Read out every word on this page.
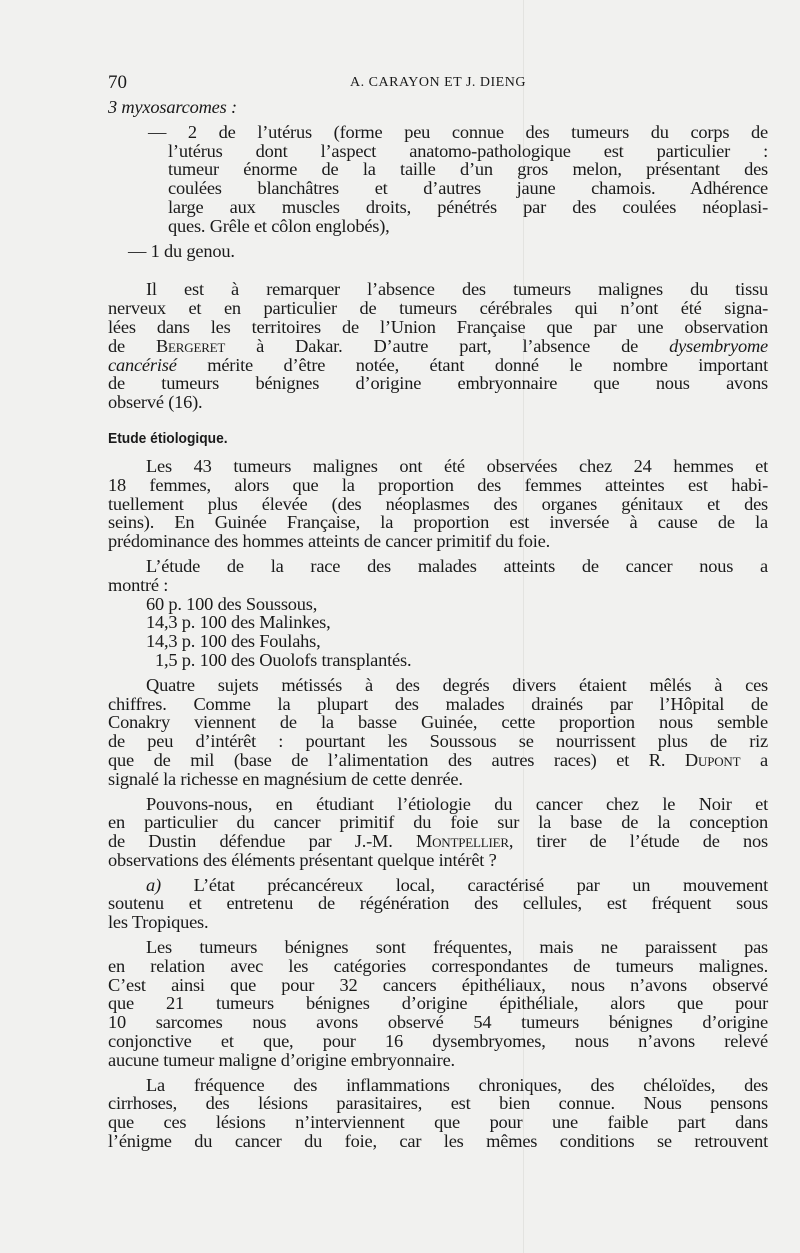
70	A. CARAYON ET J. DIENG
3 myxosarcomes :
— 2 de l’utérus (forme peu connue des tumeurs du corps de
l’utérus dont l’aspect anatomo-pathologique est particulier :
tumeur énorme de la taille d’un gros melon, présentant des
coulées blanchâtres et d’autres jaune chamois. Adhérence
large aux muscles droits, pénétrés par des coulées néoplasi-
ques. Grêle et côlon englobés),
— 1 du genou.
Il est à remarquer l’absence des tumeurs malignes du tissu
nerveux et en particulier de tumeurs cérébrales qui n’ont été signa-
lées dans les territoires de l’Union Française que par une observation
de Bergeret à Dakar. D’autre part, l’absence de dysembryome
cancérisé mérite d’être notée, étant donné le nombre important
de tumeurs bénignes d’origine embryonnaire que nous avons
observé (16).
Etude étiologique.
Les 43 tumeurs malignes ont été observées chez 24 hemmes et
18 femmes, alors que la proportion des femmes atteintes est habi-
tuellement plus élevée (des néoplasmes des organes génitaux et des
seins). En Guinée Française, la proportion est inversée à cause de la
prédominance des hommes atteints de cancer primitif du foie.
L’étude de la race des malades atteints de cancer nous a
montré :
60 p. 100 des Soussous,
14,3 p. 100 des Malinkes,
14,3 p. 100 des Foulahs,
 1,5 p. 100 des Ouolofs transplantés.
Quatre sujets métissés à des degrés divers étaient mêlés à ces
chiffres. Comme la plupart des malades drainés par l’Hôpital de
Conakry viennent de la basse Guinée, cette proportion nous semble
de peu d’intérêt : pourtant les Soussous se nourrissent plus de riz
que de mil (base de l’alimentation des autres races) et R. Dupont a
signalé la richesse en magnésium de cette denrée.
Pouvons-nous, en étudiant l’étiologie du cancer chez le Noir et
en particulier du cancer primitif du foie sur la base de la conception
de Dustin défendue par J.-M. Montpellier, tirer de l’étude de nos
observations des éléments présentant quelque intérêt ?
a) L’état précancéreux local, caractérisé par un mouvement
soutenu et entretenu de régénération des cellules, est fréquent sous
les Tropiques.
Les tumeurs bénignes sont fréquentes, mais ne paraissent pas
en relation avec les catégories correspondantes de tumeurs malignes.
C’est ainsi que pour 32 cancers épithéliaux, nous n’avons observé
que 21 tumeurs bénignes d’origine épithéliale, alors que pour
10 sarcomes nous avons observé 54 tumeurs bénignes d’origine
conjonctive et que, pour 16 dysembryomes, nous n’avons relevé
aucune tumeur maligne d’origine embryonnaire.
La fréquence des inflammations chroniques, des chéloïdes, des
cirrhoses, des lésions parasitaires, est bien connue. Nous pensons
que ces lésions n’interviennent que pour une faible part dans
l’énigme du cancer du foie, car les mêmes conditions se retrouvent
